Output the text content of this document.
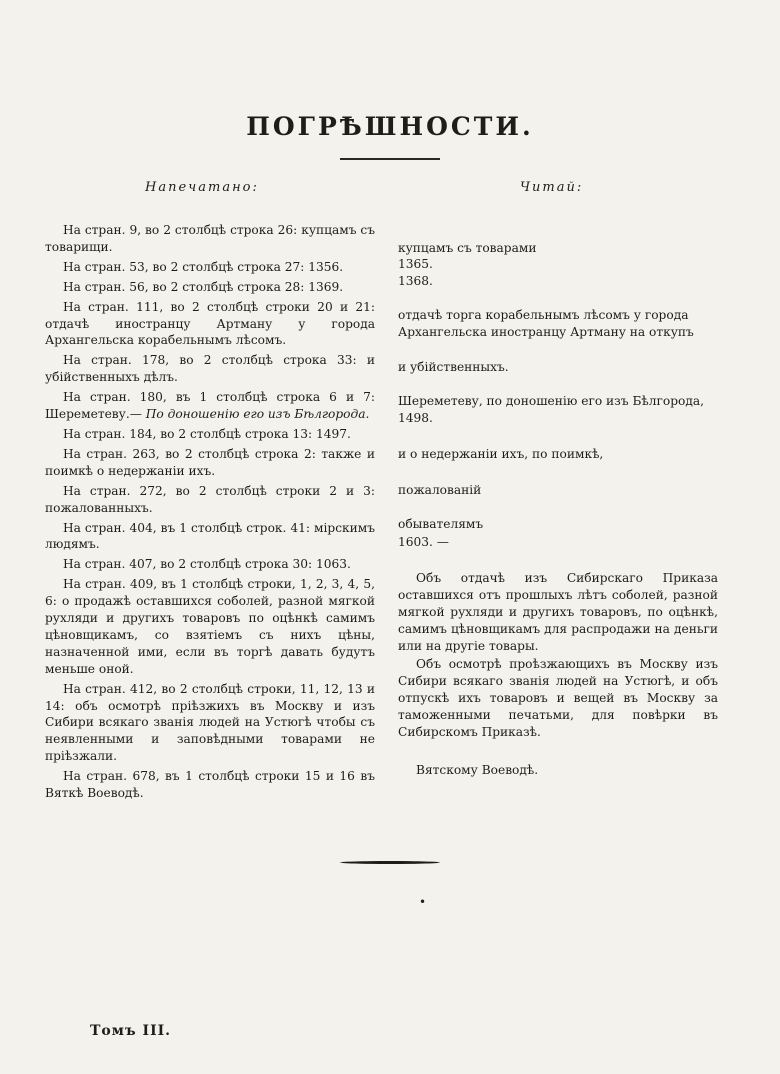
ПОГРѢШНОСТИ.
Напечатано:	Читай:

На стран. 9, во 2 столбцѣ строка 26: купцамъ съ товарищи.

На стран. 53, во 2 столбцѣ строка 27: 1356.

На стран. 56, во 2 столбцѣ строка 28: 1369.

На стран. 111, во 2 столбцѣ строки 20 и 21: отдачѣ иностранцу Артману у города Архангельска корабельнымъ лѣсомъ.

На стран. 178, во 2 столбцѣ строка 33: и убійственныхъ дѣлъ.

На стран. 180, въ 1 столбцѣ строка 6 и 7: Шереметеву.— По доношенію его изъ Бѣлгорода.

На стран. 184, во 2 столбцѣ строка 13: 1497.

На стран. 263, во 2 столбцѣ строка 2: также и поимкѣ о недержаніи ихъ.

На стран. 272, во 2 столбцѣ строки 2 и 3: пожалованныхъ.

На стран. 404, въ 1 столбцѣ строк. 41: мірскимъ людямъ.

На стран. 407, во 2 столбцѣ строка 30: 1063.

На стран. 409, въ 1 столбцѣ строки, 1, 2, 3, 4, 5, 6: о продажѣ оставшихся соболей, разной мягкой рухляди и другихъ товаровъ по оцѣнкѣ самимъ цѣновщикамъ, со взятіемъ съ нихъ цѣны, назначенной ими, если въ торгѣ давать будутъ меньше оной.

На стран. 412, во 2 столбцѣ строки, 11, 12, 13 и 14: объ осмотрѣ пріѣзжихъ въ Москву и изъ Сибири всякаго званія людей на Устюгѣ чтобы съ неявленными и заповѣдными товарами не пріѣзжали.

На стран. 678, въ 1 столбцѣ строки 15 и 16 въ Вяткѣ Воеводѣ.

купцамъ съ товарами
1365.
1368.
отдачѣ торга корабельнымъ лѣсомъ у города Архангельска иностранцу Артману на откупъ
и убійственныхъ.
Шереметеву, по доношенію его изъ Бѣлгорода,
1498.
и о недержаніи ихъ, по поимкѣ,
пожалованій
обывателямъ
1603. —
Объ отдачѣ изъ Сибирскаго Приказа оставшихся отъ прошлыхъ лѣтъ соболей, разной мягкой рухляди и другихъ товаровъ, по оцѣнкѣ, самимъ цѣновщикамъ для распродажи на деньги или на другіе товары.
Объ осмотрѣ проѣзжающихъ въ Москву изъ Сибири всякаго званія людей на Устюгѣ, и объ отпускѣ ихъ товаровъ и вещей въ Москву за таможенными печатьми, для повѣрки въ Сибирскомъ Приказѣ.
Вятскому Воеводѣ.
•
Томъ III.
